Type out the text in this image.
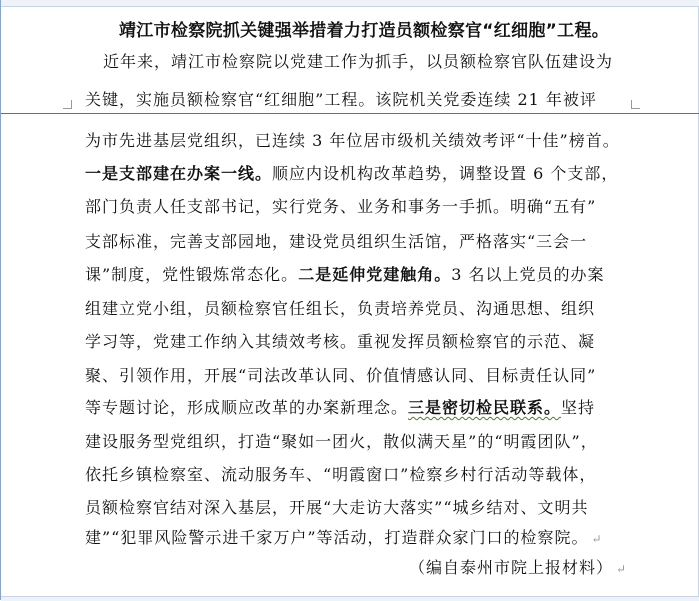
靖江市检察院抓关键强举措着力打造员额检察官“红细胞”工程。
近年来，靖江市检察院以党建工作为抓手，以员额检察官队伍建设为
关键，实施员额检察官“红细胞”工程。该院机关党委连续 21 年被评
为市先进基层党组织，已连续 3 年位居市级机关绩效考评“十佳”榜首。
一是支部建在办案一线。顺应内设机构改革趋势，调整设置 6 个支部，
部门负责人任支部书记，实行党务、业务和事务一手抓。明确“五有”
支部标准，完善支部园地，建设党员组织生活馆，严格落实“三会一
课”制度，党性锻炼常态化。二是延伸党建触角。3 名以上党员的办案
组建立党小组，员额检察官任组长，负责培养党员、沟通思想、组织
学习等，党建工作纳入其绩效考核。重视发挥员额检察官的示范、凝
聚、引领作用，开展“司法改革认同、价值情感认同、目标责任认同”
等专题讨论，形成顺应改革的办案新理念。三是密切检民联系。坚持
建设服务型党组织，打造“聚如一团火，散似满天星”的“明霞团队”，
依托乡镇检察室、流动服务车、“明霞窗口”检察乡村行活动等载体，
员额检察官结对深入基层，开展“大走访大落实”“城乡结对、文明共
建”“犯罪风险警示进千家万户”等活动，打造群众家门口的检察院。 ↵
（编自泰州市院上报材料） ↵
